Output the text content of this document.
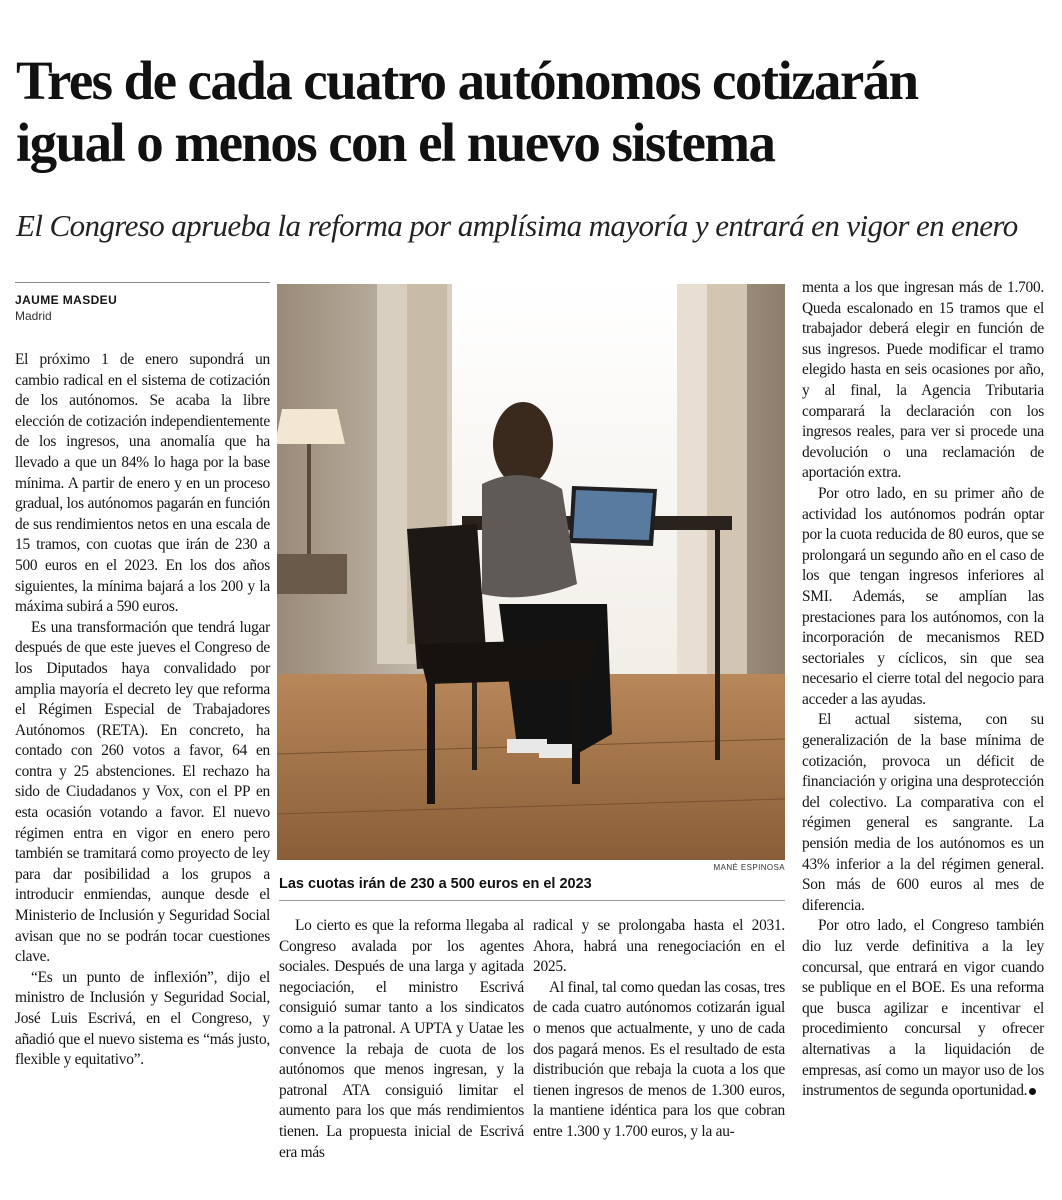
Tres de cada cuatro autónomos cotizarán
igual o menos con el nuevo sistema
El Congreso aprueba la reforma por amplísima mayoría y entrará en vigor en enero
JAUME MASDEU
Madrid

El próximo 1 de enero supondrá un cambio radical en el sistema de cotización de los autónomos. Se acaba la libre elección de cotización independientemente de los ingresos, una anomalía que ha llevado a que un 84% lo haga por la base mínima. A partir de enero y en un proceso gradual, los autónomos pagarán en función de sus rendimientos netos en una escala de 15 tramos, con cuotas que irán de 230 a 500 euros en el 2023. En los dos años siguientes, la mínima bajará a los 200 y la máxima subirá a 590 euros.

Es una transformación que tendrá lugar después de que este jueves el Congreso de los Diputados haya convalidado por amplia mayoría el decreto ley que reforma el Régimen Especial de Trabajadores Autónomos (RETA). En concreto, ha contado con 260 votos a favor, 64 en contra y 25 abstenciones. El rechazo ha sido de Ciudadanos y Vox, con el PP en esta ocasión votando a favor. El nuevo régimen entra en vigor en enero pero también se tramitará como proyecto de ley para dar posibilidad a los grupos a introducir enmiendas, aunque desde el Ministerio de Inclusión y Seguridad Social avisan que no se podrán tocar cuestiones clave.

“Es un punto de inflexión”, dijo el ministro de Inclusión y Seguridad Social, José Luis Escrivá, en el Congreso, y añadió que el nuevo sistema es “más justo, flexible y equitativo”.

MANÉ ESPINOSA
Las cuotas irán de 230 a 500 euros en el 2023

Lo cierto es que la reforma llegaba al Congreso avalada por los agentes sociales. Después de una larga y agitada negociación, el ministro Escrivá consiguió sumar tanto a los sindicatos como a la patronal. A UPTA y Uatae les convence la rebaja de cuota de los autónomos que menos ingresan, y la patronal ATA consiguió limitar el aumento para los que más rendimientos tienen. La propuesta inicial de Escrivá era más

radical y se prolongaba hasta el 2031. Ahora, habrá una renegociación en el 2025.

Al final, tal como quedan las cosas, tres de cada cuatro autónomos cotizarán igual o menos que actualmente, y uno de cada dos pagará menos. Es el resultado de esta distribución que rebaja la cuota a los que tienen ingresos de menos de 1.300 euros, la mantiene idéntica para los que cobran entre 1.300 y 1.700 euros, y la au-

menta a los que ingresan más de 1.700. Queda escalonado en 15 tramos que el trabajador deberá elegir en función de sus ingresos. Puede modificar el tramo elegido hasta en seis ocasiones por año, y al final, la Agencia Tributaria comparará la declaración con los ingresos reales, para ver si procede una devolución o una reclamación de aportación extra.

Por otro lado, en su primer año de actividad los autónomos podrán optar por la cuota reducida de 80 euros, que se prolongará un segundo año en el caso de los que tengan ingresos inferiores al SMI. Además, se amplían las prestaciones para los autónomos, con la incorporación de mecanismos RED sectoriales y cíclicos, sin que sea necesario el cierre total del negocio para acceder a las ayudas.

El actual sistema, con su generalización de la base mínima de cotización, provoca un déficit de financiación y origina una desprotección del colectivo. La comparativa con el régimen general es sangrante. La pensión media de los autónomos es un 43% inferior a la del régimen general. Son más de 600 euros al mes de diferencia.

Por otro lado, el Congreso también dio luz verde definitiva a la ley concursal, que entrará en vigor cuando se publique en el BOE. Es una reforma que busca agilizar e incentivar el procedimiento concursal y ofrecer alternativas a la liquidación de empresas, así como un mayor uso de los instrumentos de segunda oportunidad.
